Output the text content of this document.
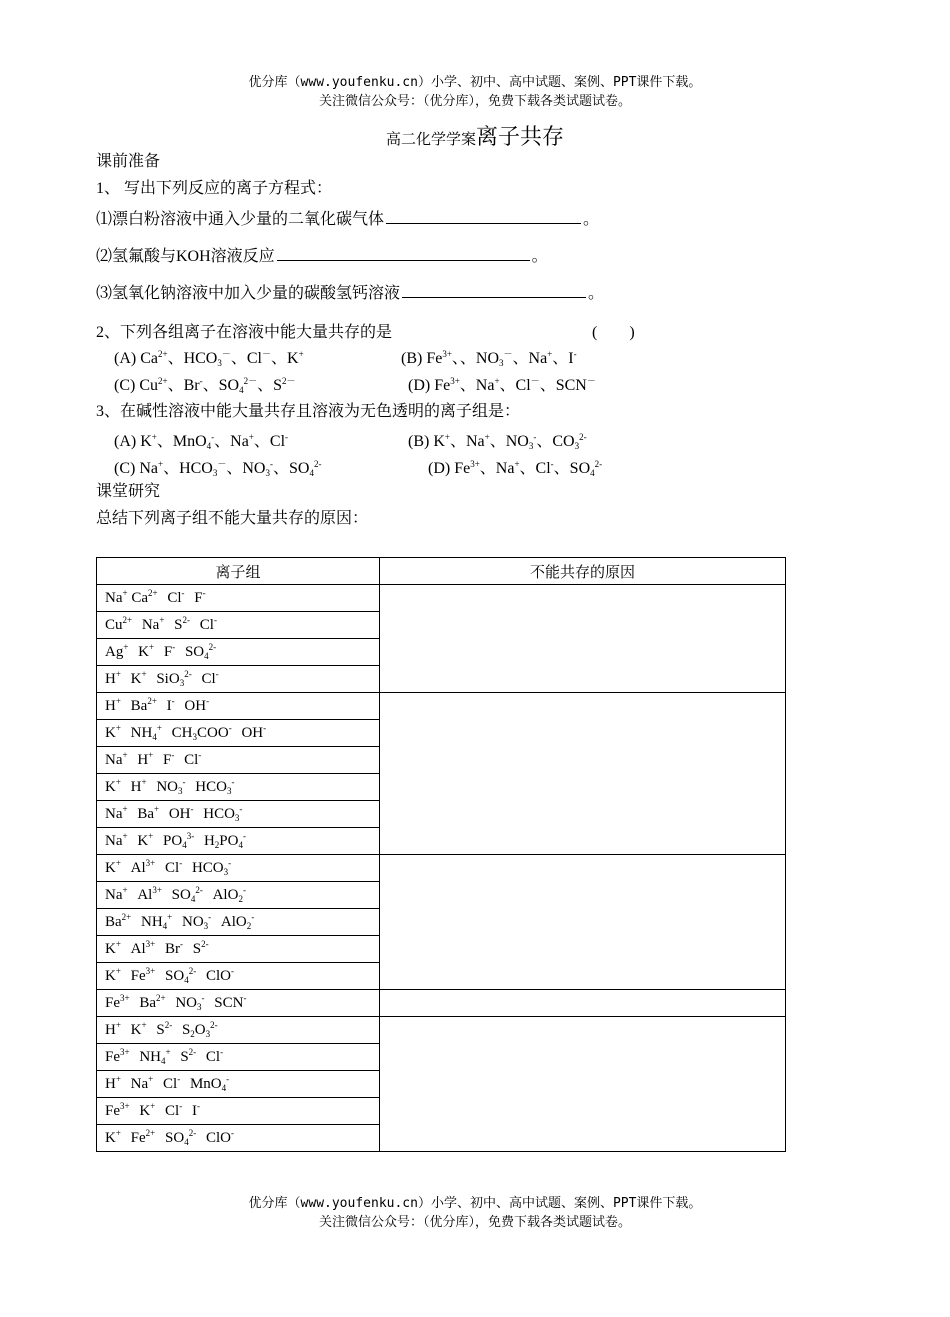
优分库（www.youfenku.cn）小学、初中、高中试题、案例、PPT课件下载。
关注微信公众号：（优分库），免费下载各类试题试卷。
高二化学学案离子共存
课前准备
1、 写出下列反应的离子方程式：
⑴漂白粉溶液中通入少量的二氧化碳气体	。
⑵氢氟酸与KOH溶液反应	。
⑶氢氧化钠溶液中加入少量的碳酸氢钙溶液	。
2、下列各组离子在溶液中能大量共存的是	(　　)
(A) $Ca^{2+}$、$HCO_3^-$、Cl－、K+	(B) $Fe^{3+}$、、$NO_3^-$、Na+、I-
(C) $Cu^{2+}$、Br-、$SO_4^{2-}$、$S^{2-}$	(D) $Fe^{3+}$、Na+、Cl－、SCN－
3、在碱性溶液中能大量共存且溶液为无色透明的离子组是：
(A) K+、MnO$_4$-、Na+、Cl-	(B) K+、Na+、$NO_3^-$、$CO_3^{2-}$
(C) Na+、$HCO_3^-$、$NO_3^-$、$SO_4^{2-}$	(D) $Fe^{3+}$、Na+、Cl-、$SO_4^{2-}$
课堂研究
总结下列离子组不能大量共存的原因：
离子组	不能共存的原因
Na+ $Ca^{2+}$ Cl- F-	
$Cu^{2+}$ Na+ $S^{2-}$ Cl-
Ag+ K+ F- $SO_4^{2-}$
H+ K+ SiO$_3^{2-}$ Cl-
H+ $Ba^{2+}$ I- OH-	
K+ $NH_4^+$ $CH_3COO^-$ OH-
Na+ H+ F- Cl-
K+ H+ $NO_3^-$ $HCO_3^-$
Na+ Ba+ OH- $HCO_3^-$
Na+ K+ $PO_4^{3-}$ $H_2PO_4^-$
K+ $Al^{3+}$ Cl- $HCO_3^-$	
Na+ $Al^{3+}$ $SO_4^{2-}$ AlO$_2$-
$Ba^{2+}$ $NH_4^+$ $NO_3^-$ AlO$_2$-
K+ $Al^{3+}$ Br- $S^{2-}$
K+ $Fe^{3+}$ $SO_4^{2-}$ ClO-
$Fe^{3+}$ $Ba^{2+}$ $NO_3^-$ SCN-	
H+ K+ $S^{2-}$ $S_2O_3^{2-}$	
$Fe^{3+}$ $NH_4^+$ $S^{2-}$ Cl-
H+ Na+ Cl- MnO$_4$-
$Fe^{3+}$ K+ Cl- I-
K+ $Fe^{2+}$ $SO_4^{2-}$ ClO-
优分库（www.youfenku.cn）小学、初中、高中试题、案例、PPT课件下载。
关注微信公众号：（优分库），免费下载各类试题试卷。
